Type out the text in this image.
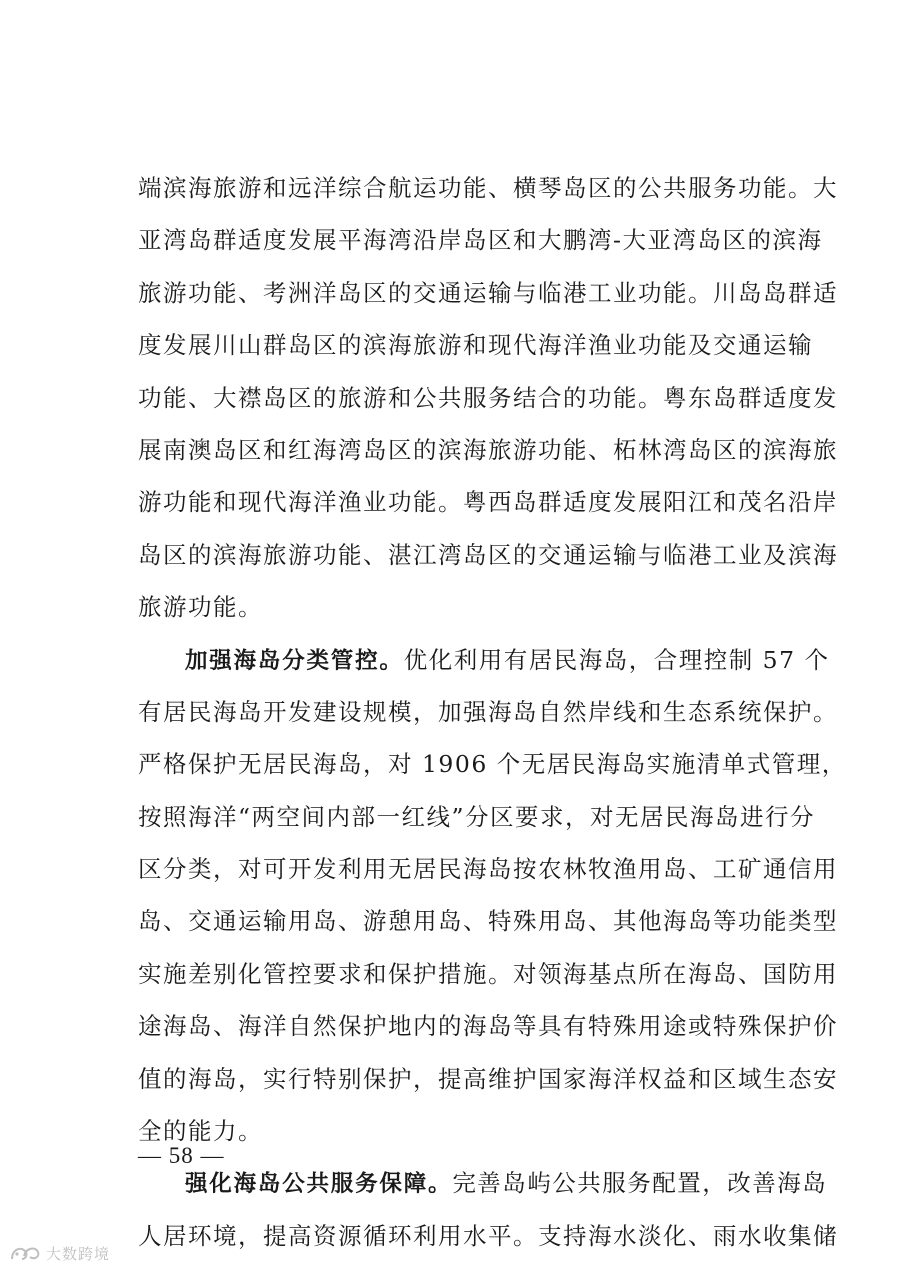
端滨海旅游和远洋综合航运功能、横琴岛区的公共服务功能。大
亚湾岛群适度发展平海湾沿岸岛区和大鹏湾-大亚湾岛区的滨海
旅游功能、考洲洋岛区的交通运输与临港工业功能。川岛岛群适
度发展川山群岛区的滨海旅游和现代海洋渔业功能及交通运输
功能、大襟岛区的旅游和公共服务结合的功能。粤东岛群适度发
展南澳岛区和红海湾岛区的滨海旅游功能、柘林湾岛区的滨海旅
游功能和现代海洋渔业功能。粤西岛群适度发展阳江和茂名沿岸
岛区的滨海旅游功能、湛江湾岛区的交通运输与临港工业及滨海
旅游功能。
加强海岛分类管控。优化利用有居民海岛，合理控制 57 个
有居民海岛开发建设规模，加强海岛自然岸线和生态系统保护。
严格保护无居民海岛，对 1906 个无居民海岛实施清单式管理，
按照海洋“两空间内部一红线”分区要求，对无居民海岛进行分
区分类，对可开发利用无居民海岛按农林牧渔用岛、工矿通信用
岛、交通运输用岛、游憩用岛、特殊用岛、其他海岛等功能类型
实施差别化管控要求和保护措施。对领海基点所在海岛、国防用
途海岛、海洋自然保护地内的海岛等具有特殊用途或特殊保护价
值的海岛，实行特别保护，提高维护国家海洋权益和区域生态安
全的能力。
强化海岛公共服务保障。完善岛屿公共服务配置，改善海岛
人居环境，提高资源循环利用水平。支持海水淡化、雨水收集储
— 58 —
大数跨境
